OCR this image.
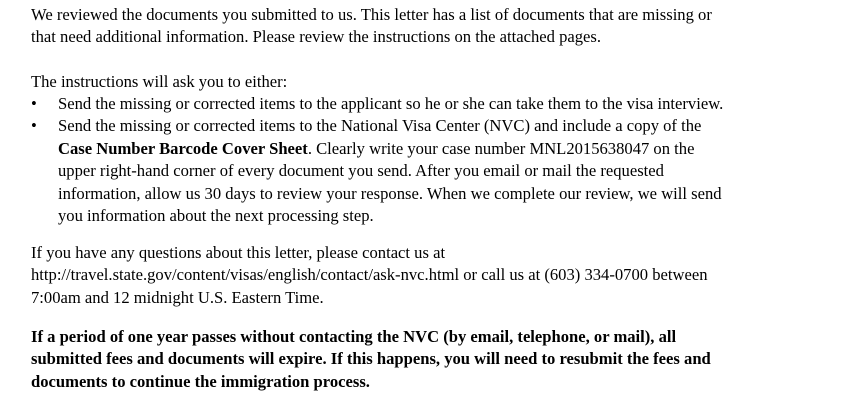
We reviewed the documents you submitted to us. This letter has a list of documents that are missing or
that need additional information. Please review the instructions on the attached pages.

The instructions will ask you to either:

•	Send the missing or corrected items to the applicant so he or she can take them to the visa interview.
•	Send the missing or corrected items to the National Visa Center (NVC) and include a copy of the
Case Number Barcode Cover Sheet. Clearly write your case number MNL2015638047 on the
upper right-hand corner of every document you send. After you email or mail the requested
information, allow us 30 days to review your response. When we complete our review, we will send
you information about the next processing step.

If you have any questions about this letter, please contact us at
http://travel.state.gov/content/visas/english/contact/ask-nvc.html or call us at (603) 334-0700 between
7:00am and 12 midnight U.S. Eastern Time.

If a period of one year passes without contacting the NVC (by email, telephone, or mail), all
submitted fees and documents will expire. If this happens, you will need to resubmit the fees and
documents to continue the immigration process.
